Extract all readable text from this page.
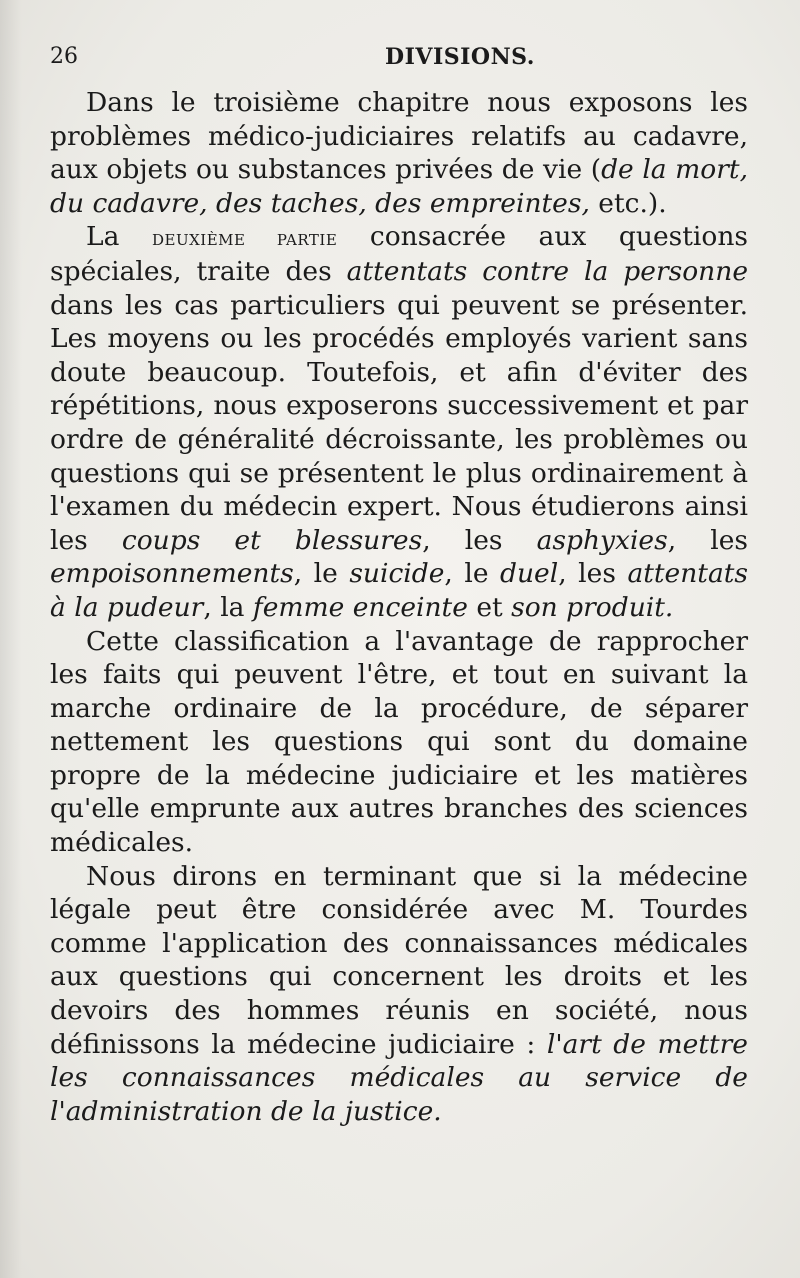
26	DIVISIONS.

Dans le troisième chapitre nous exposons les problèmes médico-judiciaires relatifs au cadavre, aux objets ou substances privées de vie (de la mort, du cadavre, des taches, des empreintes, etc.).

La deuxième partie consacrée aux questions spéciales, traite des attentats contre la personne dans les cas particuliers qui peuvent se présenter. Les moyens ou les procédés employés varient sans doute beaucoup. Toutefois, et afin d'éviter des répétitions, nous exposerons successivement et par ordre de généralité décroissante, les problèmes ou questions qui se présentent le plus ordinairement à l'examen du médecin expert. Nous étudierons ainsi les coups et blessures, les asphyxies, les empoisonnements, le suicide, le duel, les attentats à la pudeur, la femme enceinte et son produit.

Cette classification a l'avantage de rapprocher les faits qui peuvent l'être, et tout en suivant la marche ordinaire de la procédure, de séparer nettement les questions qui sont du domaine propre de la médecine judiciaire et les matières qu'elle emprunte aux autres branches des sciences médicales.

Nous dirons en terminant que si la médecine légale peut être considérée avec M. Tourdes comme l'application des connaissances médicales aux questions qui concernent les droits et les devoirs des hommes réunis en société, nous définissons la médecine judiciaire : l'art de mettre les connaissances médicales au service de l'administration de la justice.
